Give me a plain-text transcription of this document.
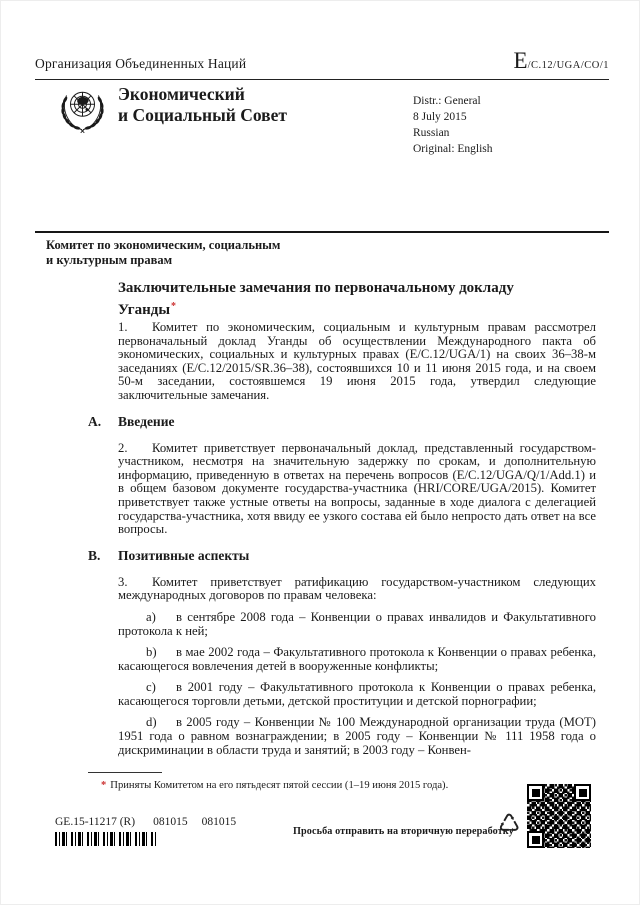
Организация Объединенных Наций	E/C.12/UGA/CO/1
Экономический
и Социальный Совет
Distr.: General
8 July 2015
Russian
Original: English
Комитет по экономическим, социальным
и культурным правам
Заключительные замечания по первоначальному докладу
Уганды*

1. Комитет по экономическим, социальным и культурным правам рассмотрел первоначальный доклад Уганды об осуществлении Международного пакта об экономических, социальных и культурных правах (E/C.12/UGA/1) на своих 36–38-м заседаниях (E/C.12/2015/SR.36–38), состоявшихся 10 и 11 июня 2015 года, и на своем 50-м заседании, состоявшемся 19 июня 2015 года, утвердил следующие заключительные замечания.

A. Введение

2. Комитет приветствует первоначальный доклад, представленный государством-участником, несмотря на значительную задержку по срокам, и дополнительную информацию, приведенную в ответах на перечень вопросов (E/C.12/UGA/Q/1/Add.1) и в общем базовом документе государства-участника (HRI/CORE/UGA/2015). Комитет приветствует также устные ответы на вопросы, заданные в ходе диалога с делегацией государства-участника, хотя ввиду ее узкого состава ей было непросто дать ответ на все вопросы.

B. Позитивные аспекты

3. Комитет приветствует ратификацию государством-участником следующих международных договоров по правам человека:

a) в сентябре 2008 года – Конвенции о правах инвалидов и Факультативного протокола к ней;

b) в мае 2002 года – Факультативного протокола к Конвенции о правах ребенка, касающегося вовлечения детей в вооруженные конфликты;

c) в 2001 году – Факультативного протокола к Конвенции о правах ребенка, касающегося торговли детьми, детской проституции и детской порнографии;

d) в 2005 году – Конвенции № 100 Международной организации труда (МОТ) 1951 года о равном вознаграждении; в 2005 году – Конвенции № 111 1958 года о дискриминации в области труда и занятий; в 2003 году – Конвен-

* Приняты Комитетом на его пятьдесят пятой сессии (1–19 июня 2015 года).
GE.15-11217 (R) 081015 081015
Просьба отправить на вторичную переработку
♺
